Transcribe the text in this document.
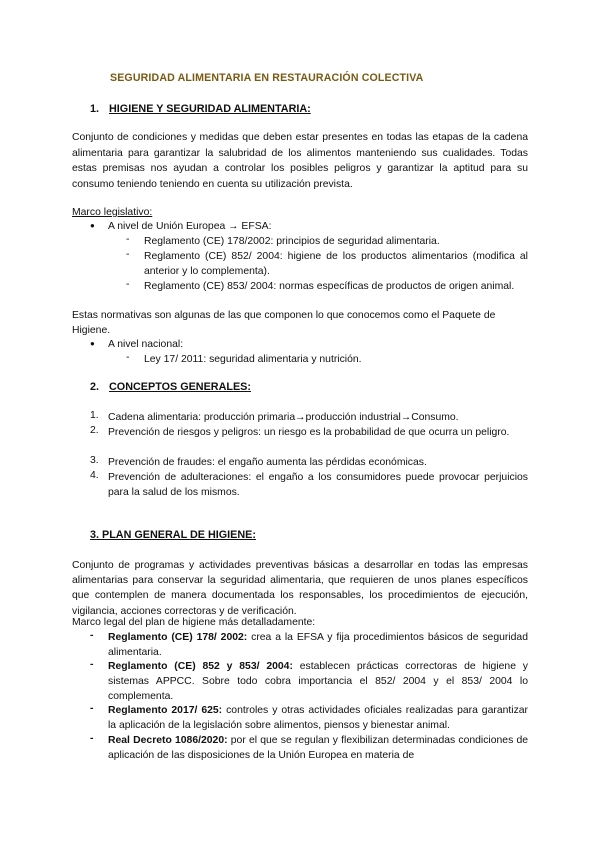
SEGURIDAD ALIMENTARIA EN RESTAURACIÓN COLECTIVA
1. HIGIENE Y SEGURIDAD ALIMENTARIA:
Conjunto de condiciones y medidas que deben estar presentes en todas las etapas de la cadena alimentaria para garantizar la salubridad de los alimentos manteniendo sus cualidades. Todas estas premisas nos ayudan a controlar los posibles peligros y garantizar la aptitud para su consumo teniendo teniendo en cuenta su utilización prevista.
Marco legislativo:
● A nivel de Unión Europea → EFSA:
- Reglamento (CE) 178/2002: principios de seguridad alimentaria.
- Reglamento (CE) 852/ 2004: higiene de los productos alimentarios (modifica al anterior y lo complementa).
- Reglamento (CE) 853/ 2004: normas específicas de productos de origen animal.
Estas normativas son algunas de las que componen lo que conocemos como el Paquete de Higiene.
● A nivel nacional:
- Ley 17/ 2011: seguridad alimentaria y nutrición.
2. CONCEPTOS GENERALES:
1. Cadena alimentaria: producción primaria→producción industrial→Consumo.
2. Prevención de riesgos y peligros: un riesgo es la probabilidad de que ocurra un peligro.
3. Prevención de fraudes: el engaño aumenta las pérdidas económicas.
4. Prevención de adulteraciones: el engaño a los consumidores puede provocar perjuicios para la salud de los mismos.
3. PLAN GENERAL DE HIGIENE:
Conjunto de programas y actividades preventivas básicas a desarrollar en todas las empresas alimentarias para conservar la seguridad alimentaria, que requieren de unos planes específicos que contemplen de manera documentada los responsables, los procedimientos de ejecución, vigilancia, acciones correctoras y de verificación.
Marco legal del plan de higiene más detalladamente:
- Reglamento (CE) 178/ 2002: crea a la EFSA y fija procedimientos básicos de seguridad alimentaria.
- Reglamento (CE) 852 y 853/ 2004: establecen prácticas correctoras de higiene y sistemas APPCC. Sobre todo cobra importancia el 852/ 2004 y el 853/ 2004 lo complementa.
- Reglamento 2017/ 625: controles y otras actividades oficiales realizadas para garantizar la aplicación de la legislación sobre alimentos, piensos y bienestar animal.
- Real Decreto 1086/2020: por el que se regulan y flexibilizan determinadas condiciones de aplicación de las disposiciones de la Unión Europea en materia de
